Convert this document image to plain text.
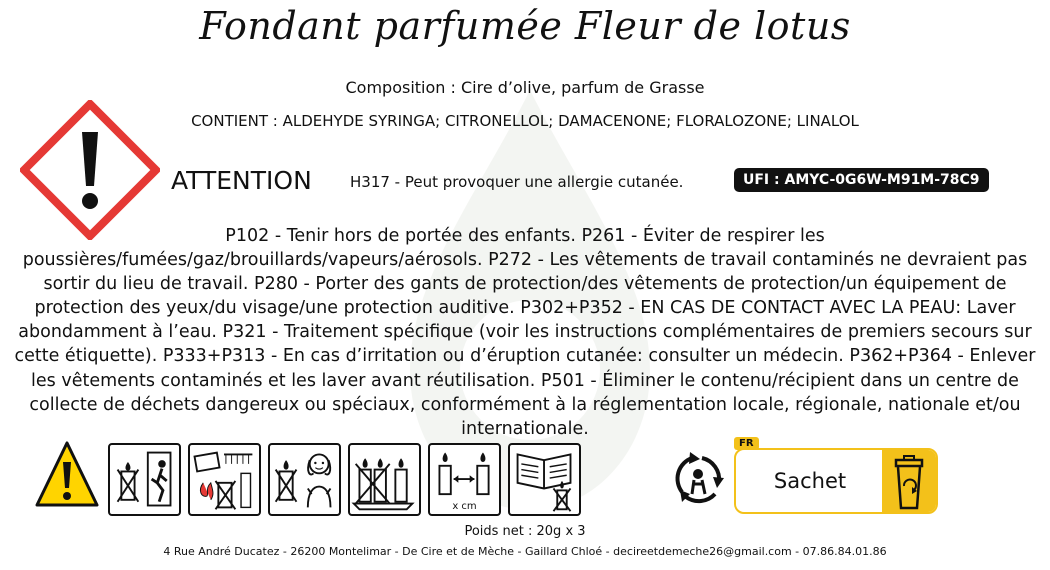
Fondant parfumée Fleur de lotus
Composition : Cire d’olive, parfum de Grasse
CONTIENT : ALDEHYDE SYRINGA; CITRONELLOL; DAMACENONE; FLORALOZONE; LINALOL
ATTENTION	H317 - Peut provoquer une allergie cutanée.	UFI : AMYC-0G6W-M91M-78C9

P102 - Tenir hors de portée des enfants. P261 - Éviter de respirer les poussières/fumées/gaz/brouillards/vapeurs/aérosols. P272 - Les vêtements de travail contaminés ne devraient pas sortir du lieu de travail. P280 - Porter des gants de protection/des vêtements de protection/un équipement de protection des yeux/du visage/une protection auditive. P302+P352 - EN CAS DE CONTACT AVEC LA PEAU: Laver abondamment à l’eau. P321 - Traitement spécifique (voir les instructions complémentaires de premiers secours sur cette étiquette). P333+P313 - En cas d’irritation ou d’éruption cutanée: consulter un médecin. P362+P364 - Enlever les vêtements contaminés et les laver avant réutilisation. P501 - Éliminer le contenu/récipient dans un centre de collecte de déchets dangereux ou spéciaux, conformément à la réglementation locale, régionale, nationale et/ou internationale.

x cm
Sachet
FR
Poids net : 20g x 3
4 Rue André Ducatez - 26200 Montelimar - De Cire et de Mèche - Gaillard Chloé - decireetdemeche26@gmail.com - 07.86.84.01.86
